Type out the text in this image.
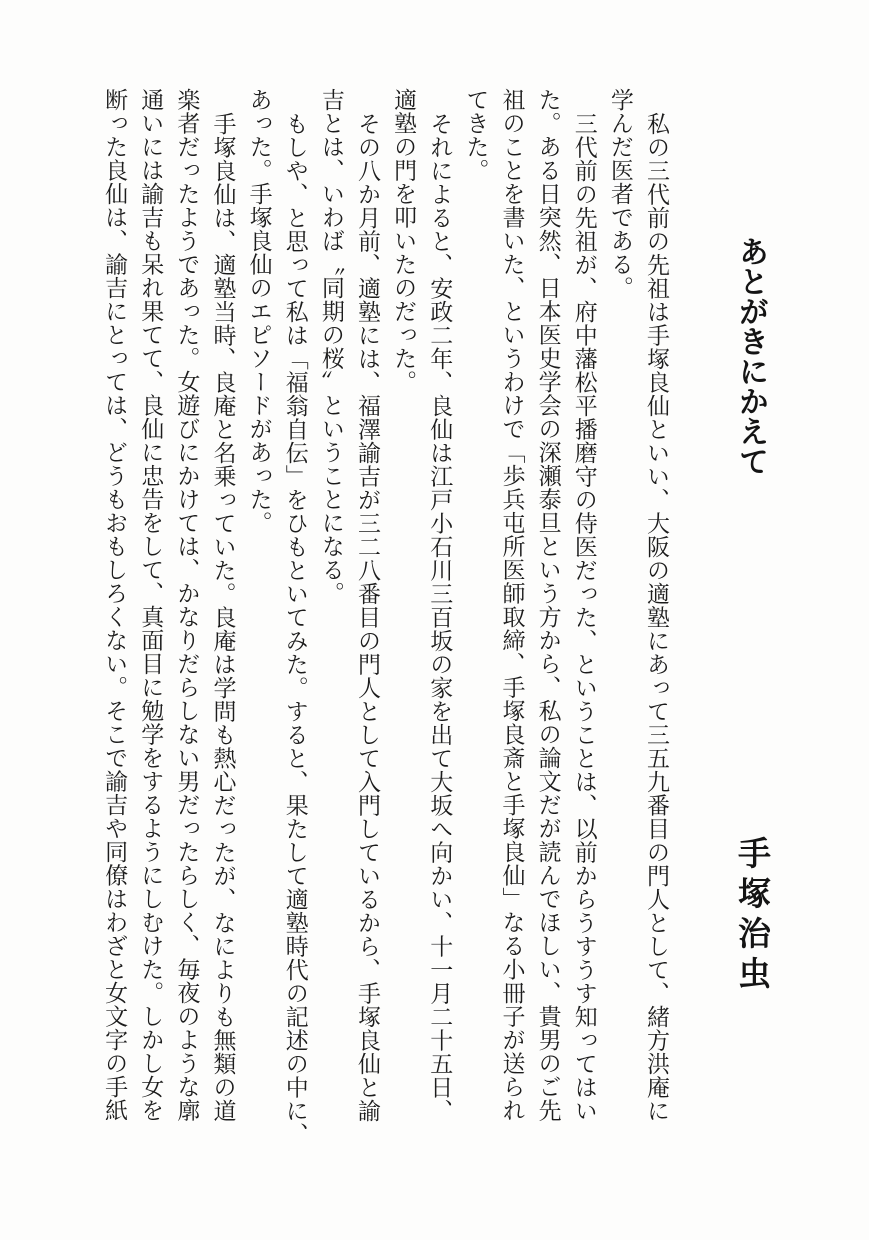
あとがきにかえて
手塚治虫
私の三代前の先祖は手塚良仙といい、大阪の適塾にあって三五九番目の門人として、緒方洪庵に
学んだ医者である。
三代前の先祖が、府中藩松平播磨守の侍医だった、ということは、以前からうすうす知ってはい
た。ある日突然、日本医史学会の深瀬泰旦という方から、私の論文だが読んでほしい、貴男のご先
祖のことを書いた、というわけで「歩兵屯所医師取締、手塚良斎と手塚良仙」なる小冊子が送られ
てきた。
それによると、安政二年、良仙は江戸小石川三百坂の家を出て大坂へ向かい、十一月二十五日、
適塾の門を叩いたのだった。
その八か月前、適塾には、福澤諭吉が三二八番目の門人として入門しているから、手塚良仙と諭
吉とは、いわば〝同期の桜〟ということになる。
もしや、と思って私は「福翁自伝」をひもといてみた。すると、果たして適塾時代の記述の中に、
あった。手塚良仙のエピソードがあった。
手塚良仙は、適塾当時、良庵と名乗っていた。良庵は学問も熱心だったが、なによりも無類の道
楽者だったようであった。女遊びにかけては、かなりだらしない男だったらしく、毎夜のような廓
通いには諭吉も呆れ果てて、良仙に忠告をして、真面目に勉学をするようにしむけた。しかし女を
断った良仙は、諭吉にとっては、どうもおもしろくない。そこで諭吉や同僚はわざと女文字の手紙
